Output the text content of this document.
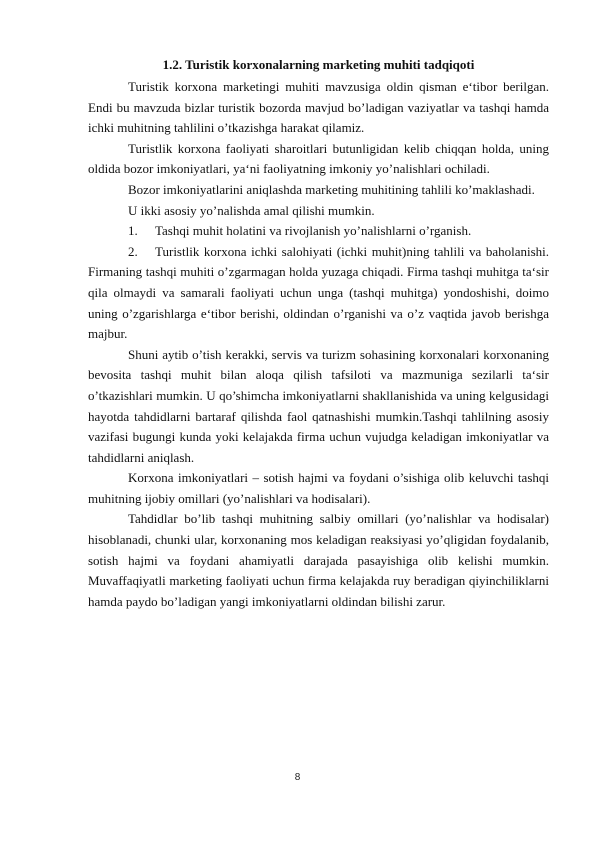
1.2. Turistik korxonalarning marketing muhiti tadqiqoti

Turistik korxona marketingi muhiti mavzusiga oldin qisman e‘tibor berilgan. Endi bu mavzuda bizlar turistik bozorda mavjud bo’ladigan vaziyatlar va tashqi hamda ichki muhitning tahlilini o’tkazishga harakat qilamiz.

Turistlik korxona faoliyati sharoitlari butunligidan kelib chiqqan holda, uning oldida bozor imkoniyatlari, ya‘ni faoliyatning imkoniy yo’nalishlari ochiladi.

Bozor imkoniyatlarini aniqlashda marketing muhitining tahlili ko’maklashadi.

U ikki asosiy yo’nalishda amal qilishi mumkin.

1. Tashqi muhit holatini va rivojlanish yo’nalishlarni o’rganish.

2. Turistlik korxona ichki salohiyati (ichki muhit)ning tahlili va baholanishi. Firmaning tashqi muhiti o’zgarmagan holda yuzaga chiqadi. Firma tashqi muhitga ta‘sir qila olmaydi va samarali faoliyati uchun unga (tashqi muhitga) yondoshishi, doimo uning o’zgarishlarga e‘tibor berishi, oldindan o’rganishi va o’z vaqtida javob berishga majbur.

Shuni aytib o’tish kerakki, servis va turizm sohasining korxonalari korxonaning bevosita tashqi muhit bilan aloqa qilish tafsiloti va mazmuniga sezilarli ta‘sir o’tkazishlari mumkin. U qo’shimcha imkoniyatlarni shakllanishida va uning kelgusidagi hayotda tahdidlarni bartaraf qilishda faol qatnashishi mumkin.Tashqi tahlilning asosiy vazifasi bugungi kunda yoki kelajakda firma uchun vujudga keladigan imkoniyatlar va tahdidlarni aniqlash.

Korxona imkoniyatlari – sotish hajmi va foydani o’sishiga olib keluvchi tashqi muhitning ijobiy omillari (yo’nalishlari va hodisalari).

Tahdidlar bo’lib tashqi muhitning salbiy omillari (yo’nalishlar va hodisalar) hisoblanadi, chunki ular, korxonaning mos keladigan reaksiyasi yo’qligidan foydalanib, sotish hajmi va foydani ahamiyatli darajada pasayishiga olib kelishi mumkin. Muvaffaqiyatli marketing faoliyati uchun firma kelajakda ruy beradigan qiyinchiliklarni hamda paydo bo’ladigan yangi imkoniyatlarni oldindan bilishi zarur.

8
